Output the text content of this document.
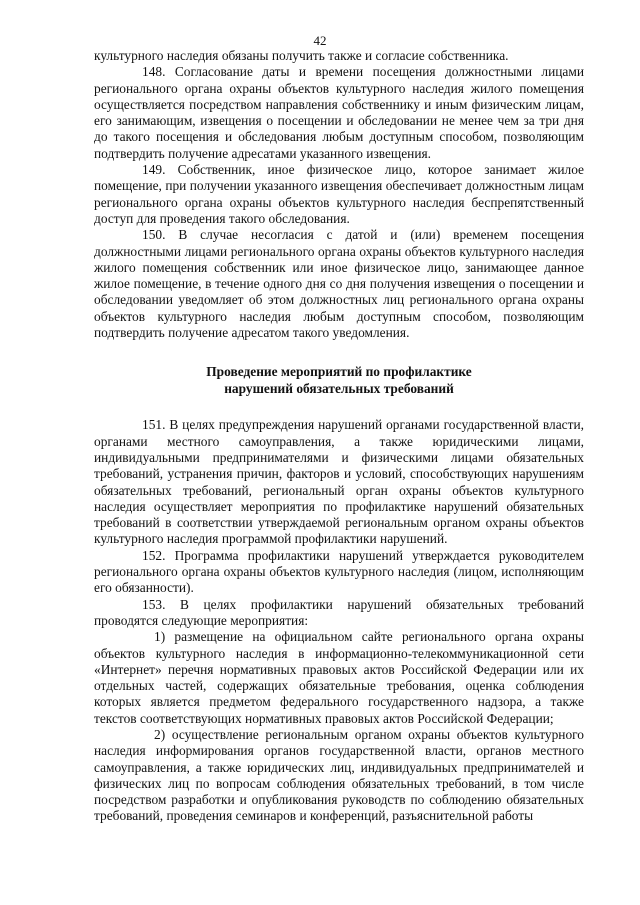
42

культурного наследия обязаны получить также и согласие собственника.

148. Согласование даты и времени посещения должностными лицами регионального органа охраны объектов культурного наследия жилого помещения осуществляется посредством направления собственнику и иным физическим лицам, его занимающим, извещения о посещении и обследовании не менее чем за три дня до такого посещения и обследования любым доступным способом, позволяющим подтвердить получение адресатами указанного извещения.

149. Собственник, иное физическое лицо, которое занимает жилое помещение, при получении указанного извещения обеспечивает должностным лицам регионального органа охраны объектов культурного наследия беспрепятственный доступ для проведения такого обследования.

150. В случае несогласия с датой и (или) временем посещения должностными лицами регионального органа охраны объектов культурного наследия жилого помещения собственник или иное физическое лицо, занимающее данное жилое помещение, в течение одного дня со дня получения извещения о посещении и обследовании уведомляет об этом должностных лиц регионального органа охраны объектов культурного наследия любым доступным способом, позволяющим подтвердить получение адресатом такого уведомления.

Проведение мероприятий по профилактике
нарушений обязательных требований

151. В целях предупреждения нарушений органами государственной власти, органами местного самоуправления, а также юридическими лицами, индивидуальными предпринимателями и физическими лицами обязательных требований, устранения причин, факторов и условий, способствующих нарушениям обязательных требований, региональный орган охраны объектов культурного наследия осуществляет мероприятия по профилактике нарушений обязательных требований в соответствии утверждаемой региональным органом охраны объектов культурного наследия программой профилактики нарушений.

152. Программа профилактики нарушений утверждается руководителем регионального органа охраны объектов культурного наследия (лицом, исполняющим его обязанности).

153. В целях профилактики нарушений обязательных требований проводятся следующие мероприятия:

1) размещение на официальном сайте регионального органа охраны объектов культурного наследия в информационно-телекоммуникационной сети «Интернет» перечня нормативных правовых актов Российской Федерации или их отдельных частей, содержащих обязательные требования, оценка соблюдения которых является предметом федерального государственного надзора, а также текстов соответствующих нормативных правовых актов Российской Федерации;

2) осуществление региональным органом охраны объектов культурного наследия информирования органов государственной власти, органов местного самоуправления, а также юридических лиц, индивидуальных предпринимателей и физических лиц по вопросам соблюдения обязательных требований, в том числе посредством разработки и опубликования руководств по соблюдению обязательных требований, проведения семинаров и конференций, разъяснительной работы
